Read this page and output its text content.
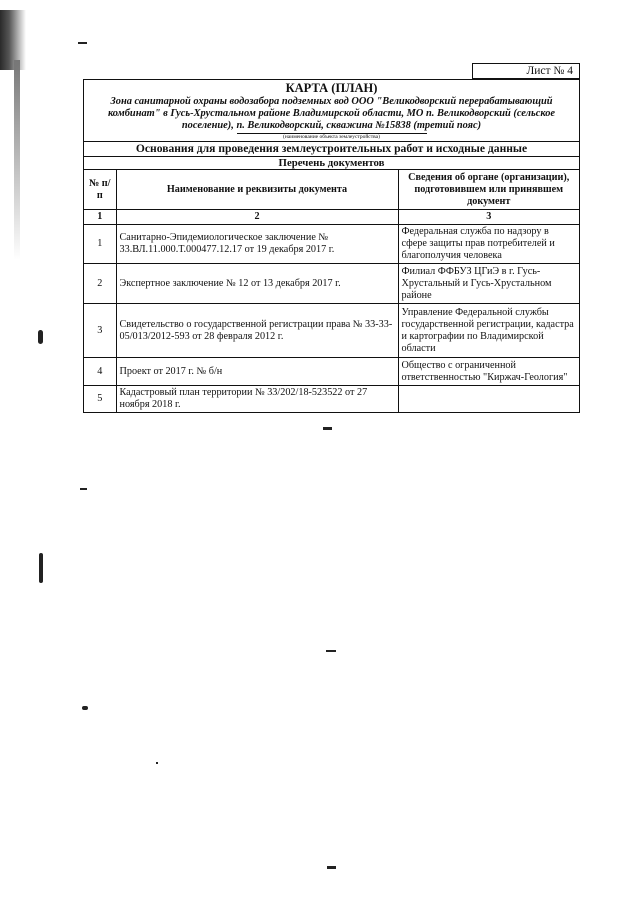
Лист № 4
КАРТА (ПЛАН)
Зона санитарной охраны водозабора подземных вод ООО "Великодворский перерабатывающий комбинат" в Гусь-Хрустальном районе Владимирской области, МО п. Великодворский (сельское поселение), п. Великодворский, скважина №15838 (третий пояс)
(наименование объекта землеустройства)
Основания для проведения землеустроительных работ и исходные данные
Перечень документов
№ п/п	Наименование и реквизиты документа	Сведения об органе (организации), подготовившем или принявшем документ
1	2	3
1	Санитарно-Эпидемиологическое заключение № 33.ВЛ.11.000.Т.000477.12.17 от 19 декабря 2017 г.	Федеральная служба по надзору в сфере защиты прав потребителей и благополучия человека
2	Экспертное заключение № 12 от 13 декабря 2017 г.	Филиал ФФБУЗ ЦГиЭ в г. Гусь-Хрустальный и Гусь-Хрустальном районе
3	Свидетельство о государственной регистрации права № 33-33-05/013/2012-593 от 28 февраля 2012 г.	Управление Федеральной службы государственной регистрации, кадастра и картографии по Владимирской области
4	Проект от 2017 г. № б/н	Общество с ограниченной ответственностью "Киржач-Геология"
5	Кадастровый план территории № 33/202/18-523522 от 27 ноября 2018 г.	
